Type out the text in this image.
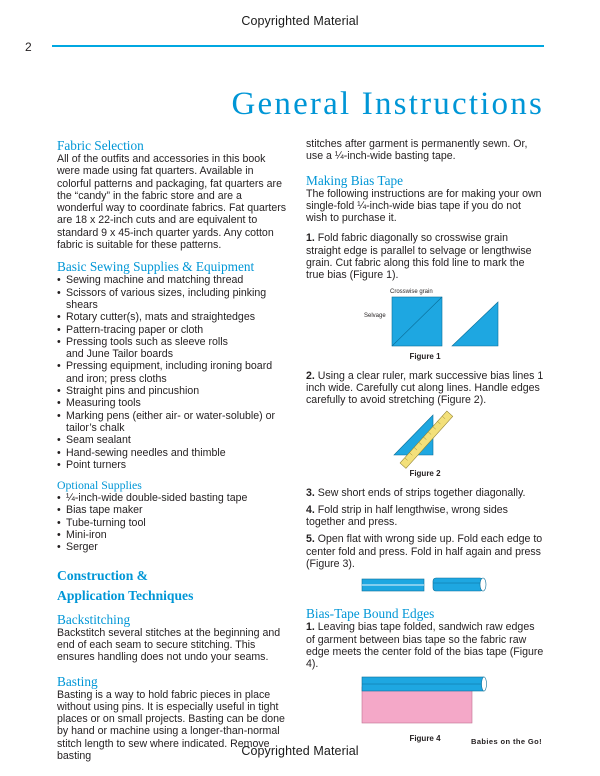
Copyrighted Material
2
General Instructions
Fabric Selection

All of the outfits and accessories in this book were made using fat quarters. Available in colorful patterns and packaging, fat quarters are the “candy” in the fabric store and are a wonderful way to coordinate fabrics. Fat quarters are 18 x 22-inch cuts and are equivalent to standard 9 x 45-inch quarter yards. Any cotton fabric is suitable for these patterns.

Basic Sewing Supplies & Equipment
• Sewing machine and matching thread
• Scissors of various sizes, including pinking shears
• Rotary cutter(s), mats and straightedges
• Pattern-tracing paper or cloth
• Pressing tools such as sleeve rolls and June Tailor boards
• Pressing equipment, including ironing board and iron; press cloths
• Straight pins and pincushion
• Measuring tools
• Marking pens (either air- or water-soluble) or tailor’s chalk
• Seam sealant
• Hand-sewing needles and thimble
• Point turners
Optional Supplies
• ¼-inch-wide double-sided basting tape
• Bias tape maker
• Tube-turning tool
• Mini-iron
• Serger
Construction &
Application Techniques
Backstitching

Backstitch several stitches at the beginning and end of each seam to secure stitching. This ensures handling does not undo your seams.

Basting

Basting is a way to hold fabric pieces in place without using pins. It is especially useful in tight places or on small projects. Basting can be done by hand or machine using a longer-than-normal stitch length to sew where indicated. Remove basting

stitches after garment is permanently sewn. Or, use a ¼-inch-wide basting tape.

Making Bias Tape

The following instructions are for making your own single-fold ¼-inch-wide bias tape if you do not wish to purchase it.

1. Fold fabric diagonally so crosswise grain straight edge is parallel to selvage or lengthwise grain. Cut fabric along this fold line to mark the true bias (Figure 1).

Crosswise grain
Selvage
Figure 1

2. Using a clear ruler, mark successive bias lines 1 inch wide. Carefully cut along lines. Handle edges carefully to avoid stretching (Figure 2).

Figure 2

3. Sew short ends of strips together diagonally.

4. Fold strip in half lengthwise, wrong sides together and press.

5. Open flat with wrong side up. Fold each edge to center fold and press. Fold in half again and press (Figure 3).

Bias-Tape Bound Edges

1. Leaving bias tape folded, sandwich raw edges of garment between bias tape so the fabric raw edge meets the center fold of the bias tape (Figure 4).

Figure 4	Babies on the Go!
Copyrighted Material
